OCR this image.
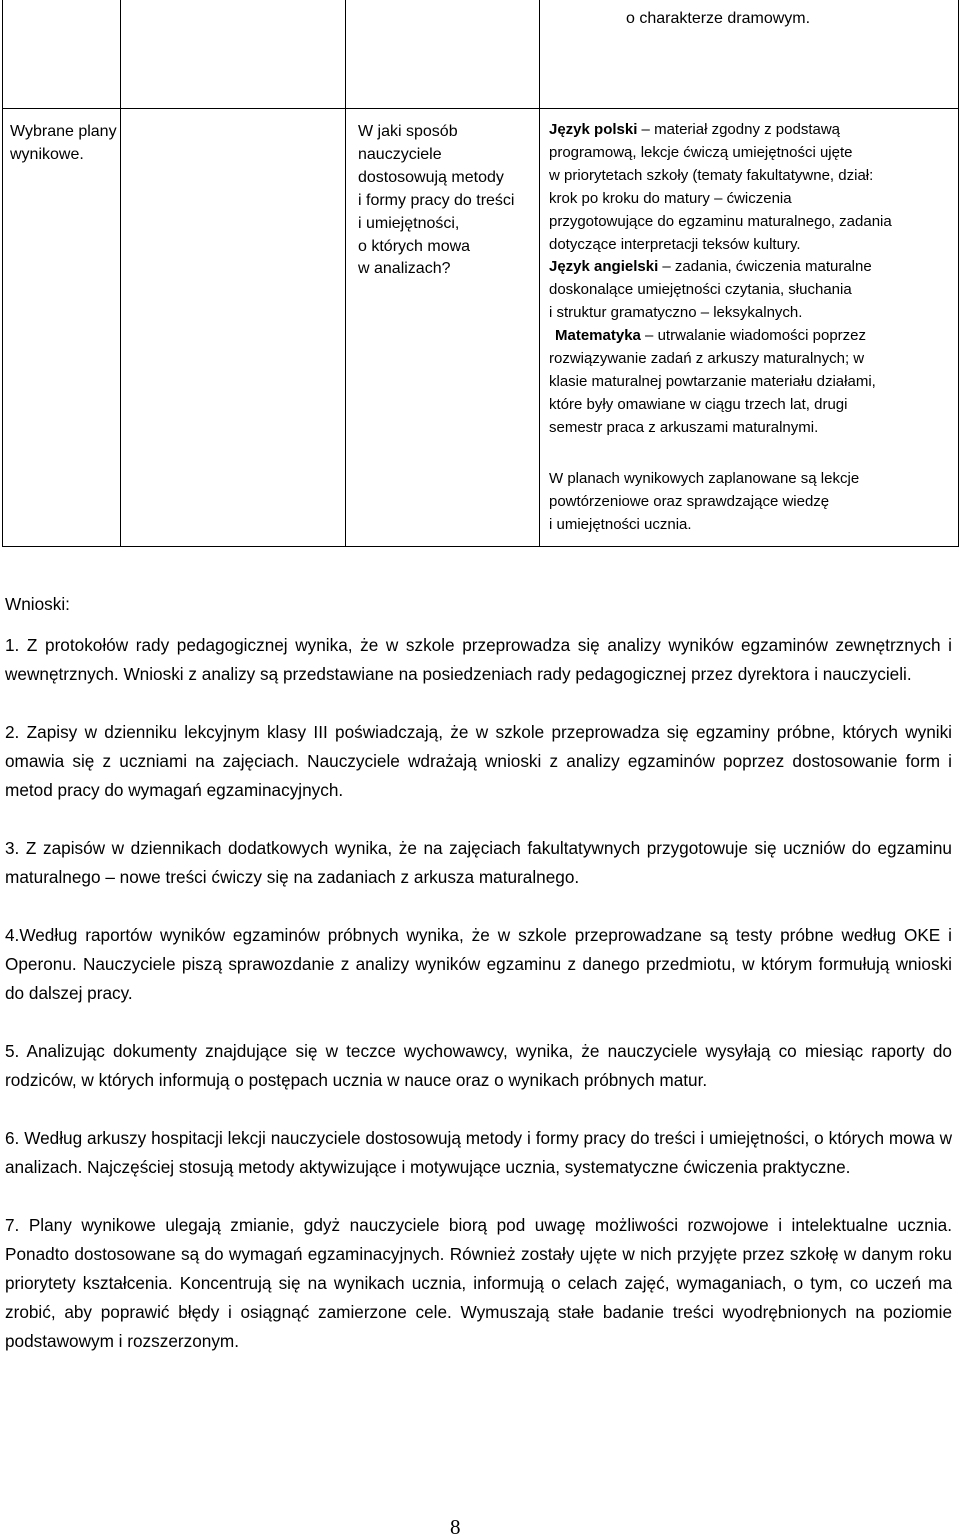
o charakterze dramowym.
Wybrane plany
wynikowe.
W jaki sposób
nauczyciele
dostosowują metody
i formy pracy do treści
i umiejętności,
o których mowa
w analizach?
Język polski – materiał zgodny z podstawą
programową, lekcje ćwiczą umiejętności ujęte
w priorytetach szkoły (tematy fakultatywne, dział:
krok po kroku do matury – ćwiczenia
przygotowujące do egzaminu maturalnego, zadania
dotyczące interpretacji teksów kultury.
Język angielski – zadania, ćwiczenia maturalne
doskonalące umiejętności czytania, słuchania
i struktur gramatyczno – leksykalnych.
Matematyka – utrwalanie wiadomości poprzez
rozwiązywanie zadań z arkuszy maturalnych; w
klasie maturalnej powtarzanie materiału działami,
które były omawiane w ciągu trzech lat, drugi
semestr praca z arkuszami maturalnymi.
W planach wynikowych zaplanowane są lekcje
powtórzeniowe oraz sprawdzające wiedzę
i umiejętności ucznia.
Wnioski:

1. Z protokołów rady pedagogicznej wynika, że w szkole przeprowadza się analizy wyników egzaminów zewnętrznych i wewnętrznych. Wnioski z analizy są przedstawiane na posiedzeniach rady pedagogicznej przez dyrektora i nauczycieli.

2. Zapisy w dzienniku lekcyjnym klasy III poświadczają, że w szkole przeprowadza się egzaminy próbne, których wyniki omawia się z uczniami na zajęciach. Nauczyciele wdrażają wnioski z analizy egzaminów poprzez dostosowanie form i metod pracy do wymagań egzaminacyjnych.

3. Z zapisów w dziennikach dodatkowych wynika, że na zajęciach fakultatywnych przygotowuje się uczniów do egzaminu maturalnego – nowe treści ćwiczy się na zadaniach z arkusza maturalnego.

4.Według raportów wyników egzaminów próbnych wynika, że w szkole przeprowadzane są testy próbne według OKE i Operonu. Nauczyciele piszą sprawozdanie z analizy wyników egzaminu z danego przedmiotu, w którym formułują wnioski do dalszej pracy.

5. Analizując dokumenty znajdujące się w teczce wychowawcy, wynika, że nauczyciele wysyłają co miesiąc raporty do rodziców, w których informują o postępach ucznia w nauce oraz o wynikach próbnych matur.

6. Według arkuszy hospitacji lekcji nauczyciele dostosowują metody i formy pracy do treści i umiejętności, o których mowa w analizach. Najczęściej stosują metody aktywizujące i motywujące ucznia, systematyczne ćwiczenia praktyczne.

7. Plany wynikowe ulegają zmianie, gdyż nauczyciele biorą pod uwagę możliwości rozwojowe i intelektualne ucznia. Ponadto dostosowane są do wymagań egzaminacyjnych. Również zostały ujęte w nich przyjęte przez szkołę w danym roku priorytety kształcenia. Koncentrują się na wynikach ucznia, informują o celach zajęć, wymaganiach, o tym, co uczeń ma zrobić, aby poprawić błędy i osiągnąć zamierzone cele. Wymuszają stałe badanie treści wyodrębnionych na poziomie podstawowym i rozszerzonym.

8
